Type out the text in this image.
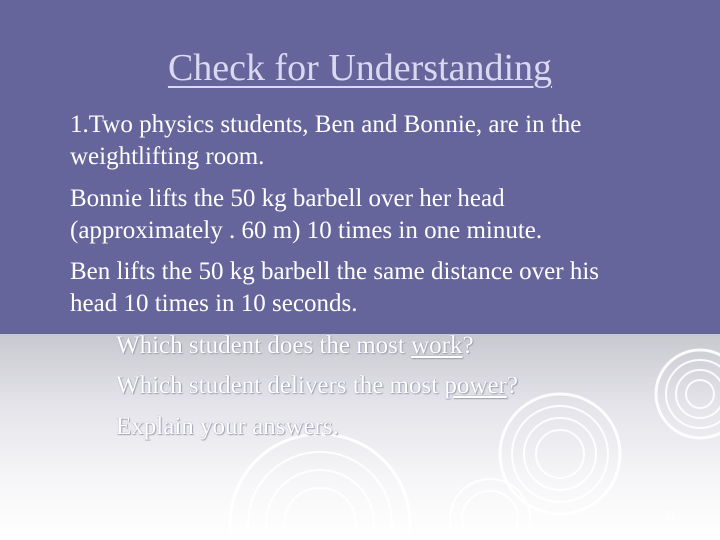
Check for Understanding
1.Two physics students, Ben and Bonnie, are in the
weightlifting room.
Bonnie lifts the 50 kg barbell over her head
(approximately . 60 m) 10 times in one minute.
Ben lifts the 50 kg barbell the same distance over his
head 10 times in 10 seconds.
Which student does the most work?
Which student delivers the most power?
Explain your answers.
11
